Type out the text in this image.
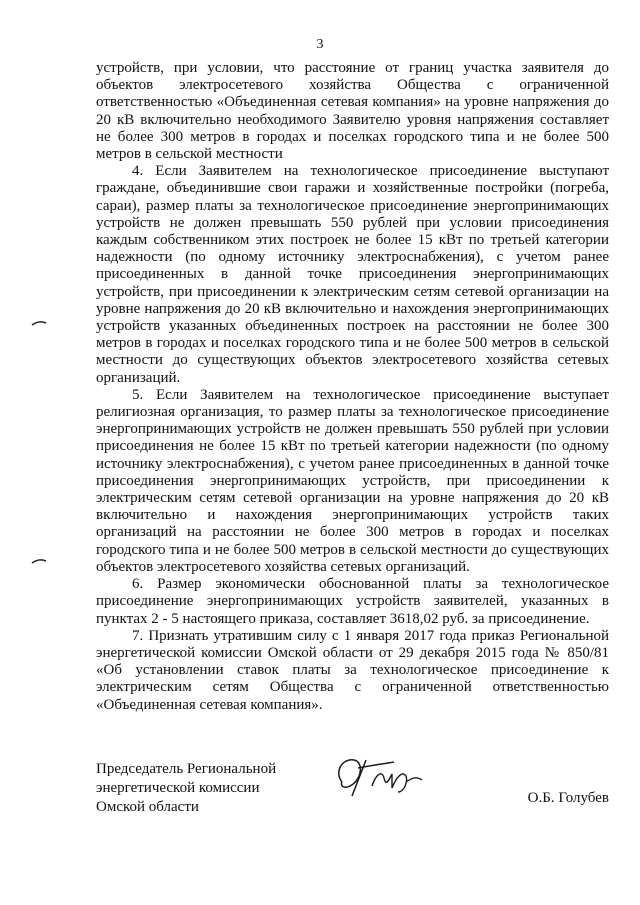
3

устройств, при условии, что расстояние от границ участка заявителя до объектов электросетевого хозяйства Общества с ограниченной ответственностью «Объединенная сетевая компания» на уровне напряжения до 20 кВ включительно необходимого Заявителю уровня напряжения составляет не более 300 метров в городах и поселках городского типа и не более 500 метров в сельской местности

4. Если Заявителем на технологическое присоединение выступают граждане, объединившие свои гаражи и хозяйственные постройки (погреба, сараи), размер платы за технологическое присоединение энергопринимающих устройств не должен превышать 550 рублей при условии присоединения каждым собственником этих построек не более 15 кВт по третьей категории надежности (по одному источнику электроснабжения), с учетом ранее присоединенных в данной точке присоединения энергопринимающих устройств, при присоединении к электрическим сетям сетевой организации на уровне напряжения до 20 кВ включительно и нахождения энергопринимающих устройств указанных объединенных построек на расстоянии не более 300 метров в городах и поселках городского типа и не более 500 метров в сельской местности до существующих объектов электросетевого хозяйства сетевых организаций.

5. Если Заявителем на технологическое присоединение выступает религиозная организация, то размер платы за технологическое присоединение энергопринимающих устройств не должен превышать 550 рублей при условии присоединения не более 15 кВт по третьей категории надежности (по одному источнику электроснабжения), с учетом ранее присоединенных в данной точке присоединения энергопринимающих устройств, при присоединении к электрическим сетям сетевой организации на уровне напряжения до 20 кВ включительно и нахождения энергопринимающих устройств таких организаций на расстоянии не более 300 метров в городах и поселках городского типа и не более 500 метров в сельской местности до существующих объектов электросетевого хозяйства сетевых организаций.

6. Размер экономически обоснованной платы за технологическое присоединение энергопринимающих устройств заявителей, указанных в пунктах 2 - 5 настоящего приказа, составляет 3618,02 руб. за присоединение.

7. Признать утратившим силу с 1 января 2017 года приказ Региональной энергетической комиссии Омской области от 29 декабря 2015 года № 850/81 «Об установлении ставок платы за технологическое присоединение к электрическим сетям Общества с ограниченной ответственностью «Объединенная сетевая компания».

Председатель Региональной
энергетической комиссии
Омской области
О.Б. Голубев
